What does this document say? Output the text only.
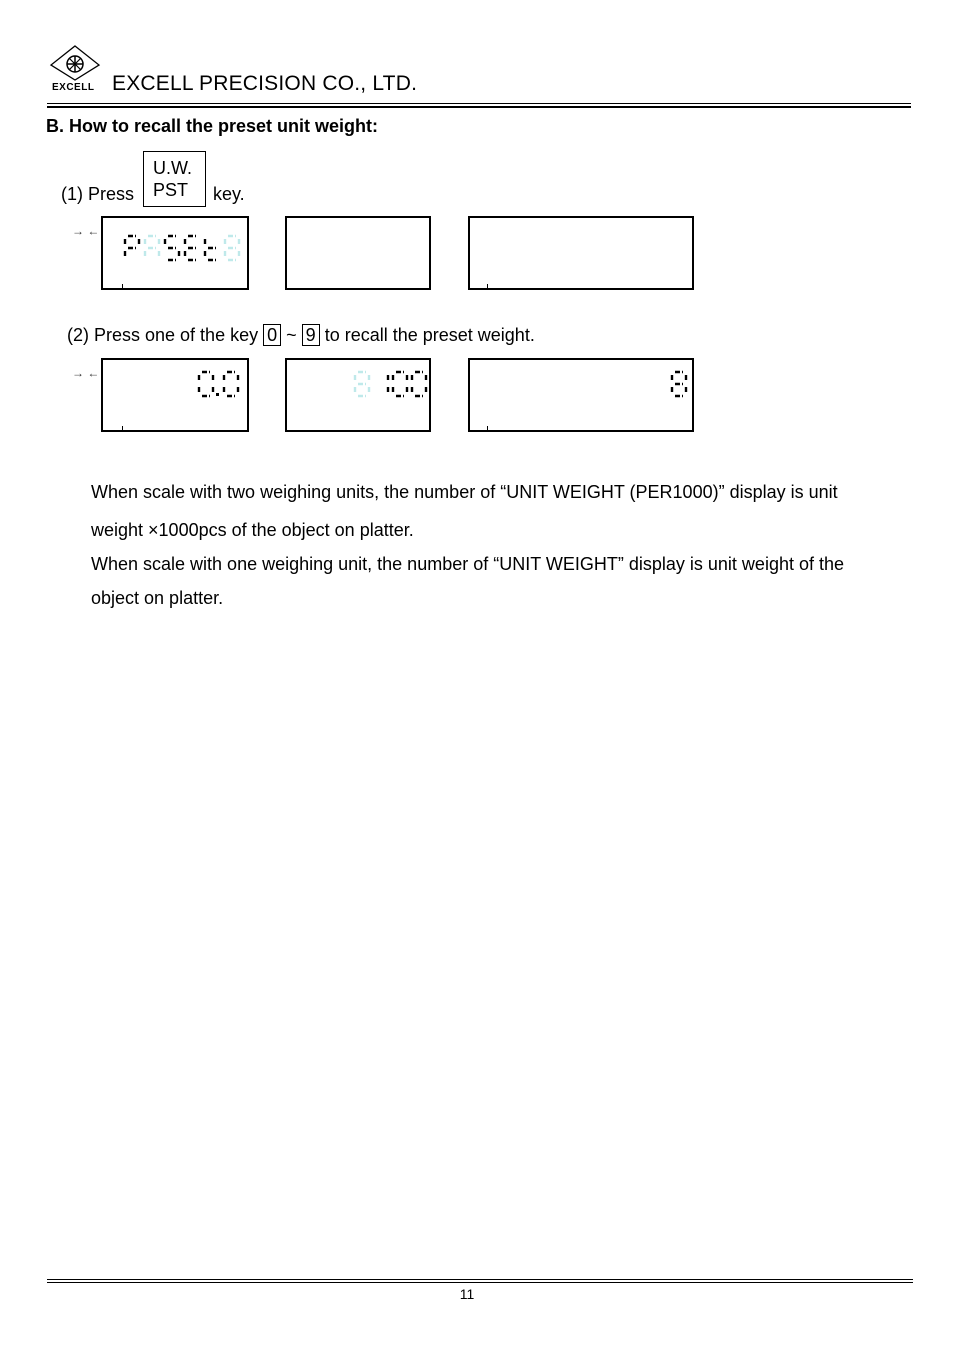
EXCELL EXCELL PRECISION CO., LTD.
B. How to recall the preset unit weight:
(1) Press
U.W.
PST	key.
→ ←
(2) Press one of the key 0 ~ 9 to recall the preset weight.
→ ←
When scale with two weighing units, the number of “UNIT WEIGHT (PER1000)” display is unit
weight ×1000pcs of the object on platter.
When scale with one weighing unit, the number of “UNIT WEIGHT” display is unit weight of the
object on platter.
11
